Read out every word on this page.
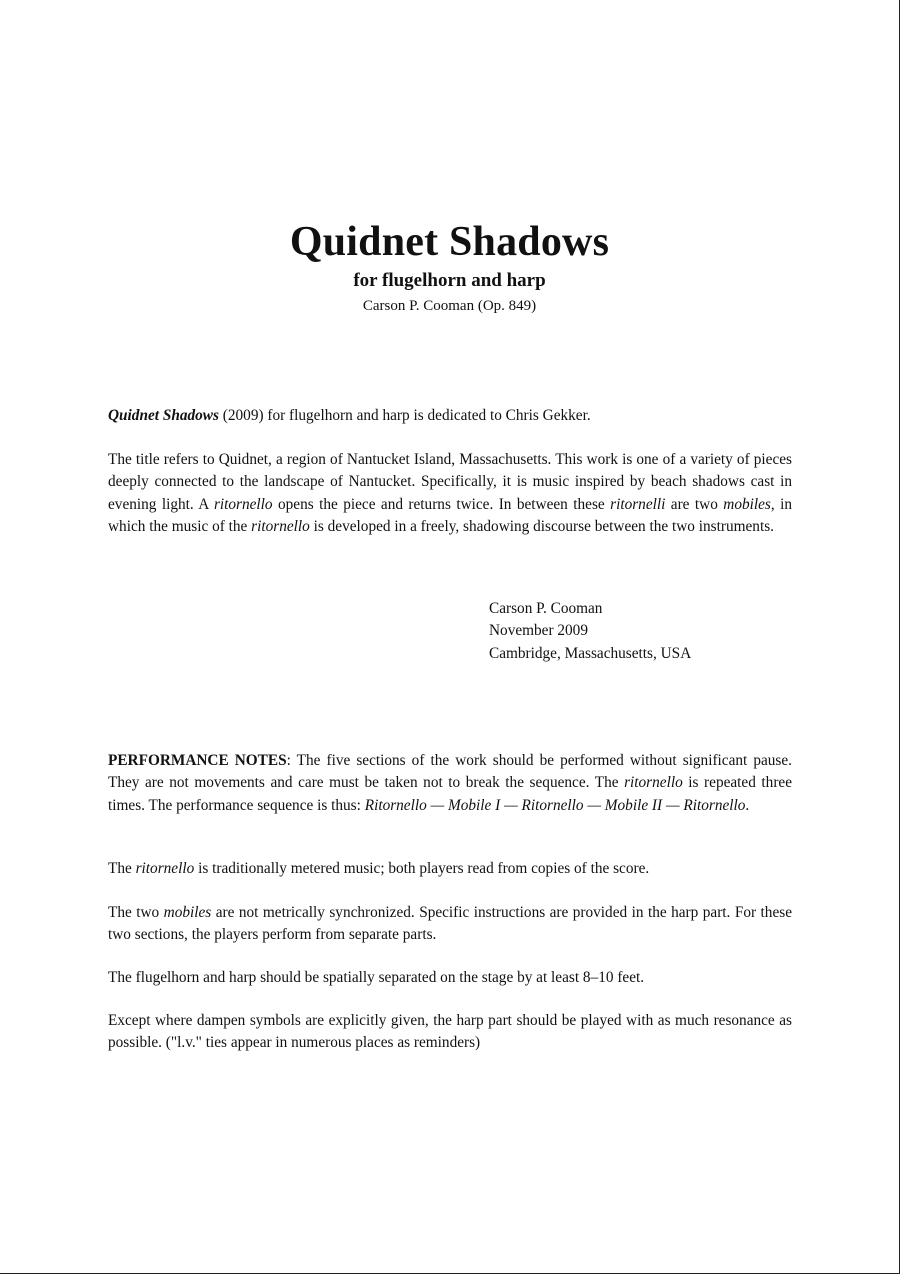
Quidnet Shadows
for flugelhorn and harp
Carson P. Cooman (Op. 849)

Quidnet Shadows (2009) for flugelhorn and harp is dedicated to Chris Gekker.

The title refers to Quidnet, a region of Nantucket Island, Massachusetts. This work is one of a variety of pieces deeply connected to the landscape of Nantucket. Specifically, it is music inspired by beach shadows cast in evening light. A ritornello opens the piece and returns twice. In between these ritornelli are two mobiles, in which the music of the ritornello is developed in a freely, shadowing discourse between the two instruments.

Carson P. Cooman
November 2009
Cambridge, Massachusetts, USA

PERFORMANCE NOTES: The five sections of the work should be performed without significant pause. They are not movements and care must be taken not to break the sequence. The ritornello is repeated three times. The performance sequence is thus: Ritornello — Mobile I — Ritornello — Mobile II — Ritornello.

The ritornello is traditionally metered music; both players read from copies of the score.

The two mobiles are not metrically synchronized. Specific instructions are provided in the harp part. For these two sections, the players perform from separate parts.

The flugelhorn and harp should be spatially separated on the stage by at least 8–10 feet.

Except where dampen symbols are explicitly given, the harp part should be played with as much resonance as possible. ("l.v." ties appear in numerous places as reminders)
